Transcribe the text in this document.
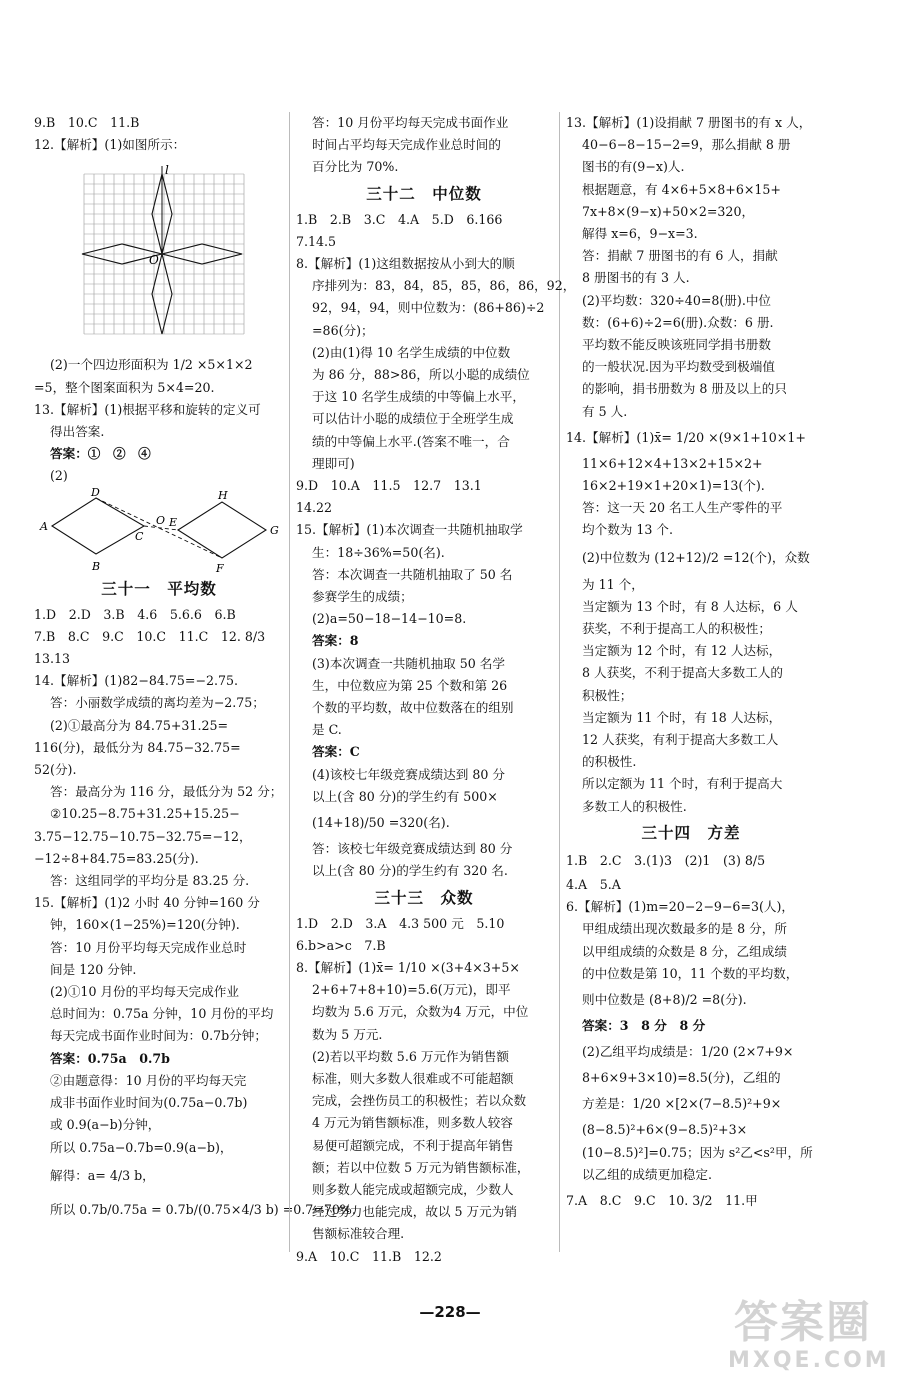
9.B　10.C　11.B
12.【解析】(1)如图所示：
l
O
(2)一个四边形面积为 1/2 ×5×1×2
=5，整个图案面积为 5×4=20.
13.【解析】(1)根据平移和旋转的定义可
得出答案.
答案：①　②　④
(2)
A
B
C
D
O E
F
G
H
三十一　平均数
1.D　2.D　3.B　4.6　5.6.6　6.B
7.B　8.C　9.C　10.C　11.C　12. 8/3
13.13
14.【解析】(1)82−84.75=−2.75.
答：小丽数学成绩的离均差为−2.75；
(2)①最高分为 84.75+31.25=
116(分)，最低分为 84.75−32.75=
52(分).
答：最高分为 116 分，最低分为 52 分；
②10.25−8.75+31.25+15.25−
3.75−12.75−10.75−32.75=−12，
−12÷8+84.75=83.25(分).
答：这组同学的平均分是 83.25 分.
15.【解析】(1)2 小时 40 分钟=160 分
钟，160×(1−25%)=120(分钟).
答：10 月份平均每天完成作业总时
间是 120 分钟.
(2)①10 月份的平均每天完成作业
总时间为：0.75a 分钟，10 月份的平均
每天完成书面作业时间为：0.7b分钟；
答案：0.75a　0.7b
②由题意得：10 月份的平均每天完
成非书面作业时间为(0.75a−0.7b)
或 0.9(a−b)分钟，
所以 0.75a−0.7b=0.9(a−b)，
解得：a= 4/3 b，
所以 0.7b/0.75a = 0.7b/(0.75×4/3 b) =0.7=70%.
答：10 月份平均每天完成书面作业
时间占平均每天完成作业总时间的
百分比为 70%.
三十二　中位数
1.B　2.B　3.C　4.A　5.D　6.166
7.14.5
8.【解析】(1)这组数据按从小到大的顺
序排列为：83，84，85，85，86，86，92，
92，94，94，则中位数为：(86+86)÷2
=86(分)；
(2)由(1)得 10 名学生成绩的中位数
为 86 分，88>86，所以小聪的成绩位
于这 10 名学生成绩的中等偏上水平，
可以估计小聪的成绩位于全班学生成
绩的中等偏上水平.(答案不唯一，合
理即可)
9.D　10.A　11.5　12.7　13.1
14.22
15.【解析】(1)本次调查一共随机抽取学
生：18÷36%=50(名).
答：本次调查一共随机抽取了 50 名
参赛学生的成绩；
(2)a=50−18−14−10=8.
答案：8
(3)本次调查一共随机抽取 50 名学
生，中位数应为第 25 个数和第 26
个数的平均数，故中位数落在的组别
是 C.
答案：C
(4)该校七年级竞赛成绩达到 80 分
以上(含 80 分)的学生约有 500×
(14+18)/50 =320(名).
答：该校七年级竞赛成绩达到 80 分
以上(含 80 分)的学生约有 320 名.
三十三　众数
1.D　2.D　3.A　4.3 500 元　5.10
6.b>a>c　7.B
8.【解析】(1)x̄= 1/10 ×(3+4×3+5×
2+6+7+8+10)=5.6(万元)，即平
均数为 5.6 万元，众数为4 万元，中位
数为 5 万元.
(2)若以平均数 5.6 万元作为销售额
标准，则大多数人很难或不可能超额
完成，会挫伤员工的积极性；若以众数
4 万元为销售额标准，则多数人较容
易便可超额完成，不利于提高年销售
额；若以中位数 5 万元为销售额标准，
则多数人能完成或超额完成，少数人
经过努力也能完成，故以 5 万元为销
售额标准较合理.
9.A　10.C　11.B　12.2
13.【解析】(1)设捐献 7 册图书的有 x 人，
40−6−8−15−2=9，那么捐献 8 册
图书的有(9−x)人.
根据题意，有 4×6+5×8+6×15+
7x+8×(9−x)+50×2=320，
解得 x=6，9−x=3.
答：捐献 7 册图书的有 6 人，捐献
8 册图书的有 3 人.
(2)平均数：320÷40=8(册).中位
数：(6+6)÷2=6(册).众数：6 册.
平均数不能反映该班同学捐书册数
的一般状况.因为平均数受到极端值
的影响，捐书册数为 8 册及以上的只
有 5 人.
14.【解析】(1)x̄= 1/20 ×(9×1+10×1+
11×6+12×4+13×2+15×2+
16×2+19×1+20×1)=13(个).
答：这一天 20 名工人生产零件的平
均个数为 13 个.
(2)中位数为 (12+12)/2 =12(个)，众数
为 11 个，
当定额为 13 个时，有 8 人达标，6 人
获奖，不利于提高工人的积极性；
当定额为 12 个时，有 12 人达标，
8 人获奖，不利于提高大多数工人的
积极性；
当定额为 11 个时，有 18 人达标，
12 人获奖，有利于提高大多数工人
的积极性.
所以定额为 11 个时，有利于提高大
多数工人的积极性.
三十四　方差
1.B　2.C　3.(1)3　(2)1　(3) 8/5
4.A　5.A
6.【解析】(1)m=20−2−9−6=3(人)，
甲组成绩出现次数最多的是 8 分，所
以甲组成绩的众数是 8 分，乙组成绩
的中位数是第 10，11 个数的平均数，
则中位数是 (8+8)/2 =8(分).
答案：3　8 分　8 分
(2)乙组平均成绩是：1/20 (2×7+9×
8+6×9+3×10)=8.5(分)，乙组的
方差是：1/20 ×[2×(7−8.5)²+9×
(8−8.5)²+6×(9−8.5)²+3×
(10−8.5)²]=0.75；因为 s²乙<s²甲，所
以乙组的成绩更加稳定.
7.A　8.C　9.C　10. 3/2　11.甲
—228—	答案圈
MXQE.COM
